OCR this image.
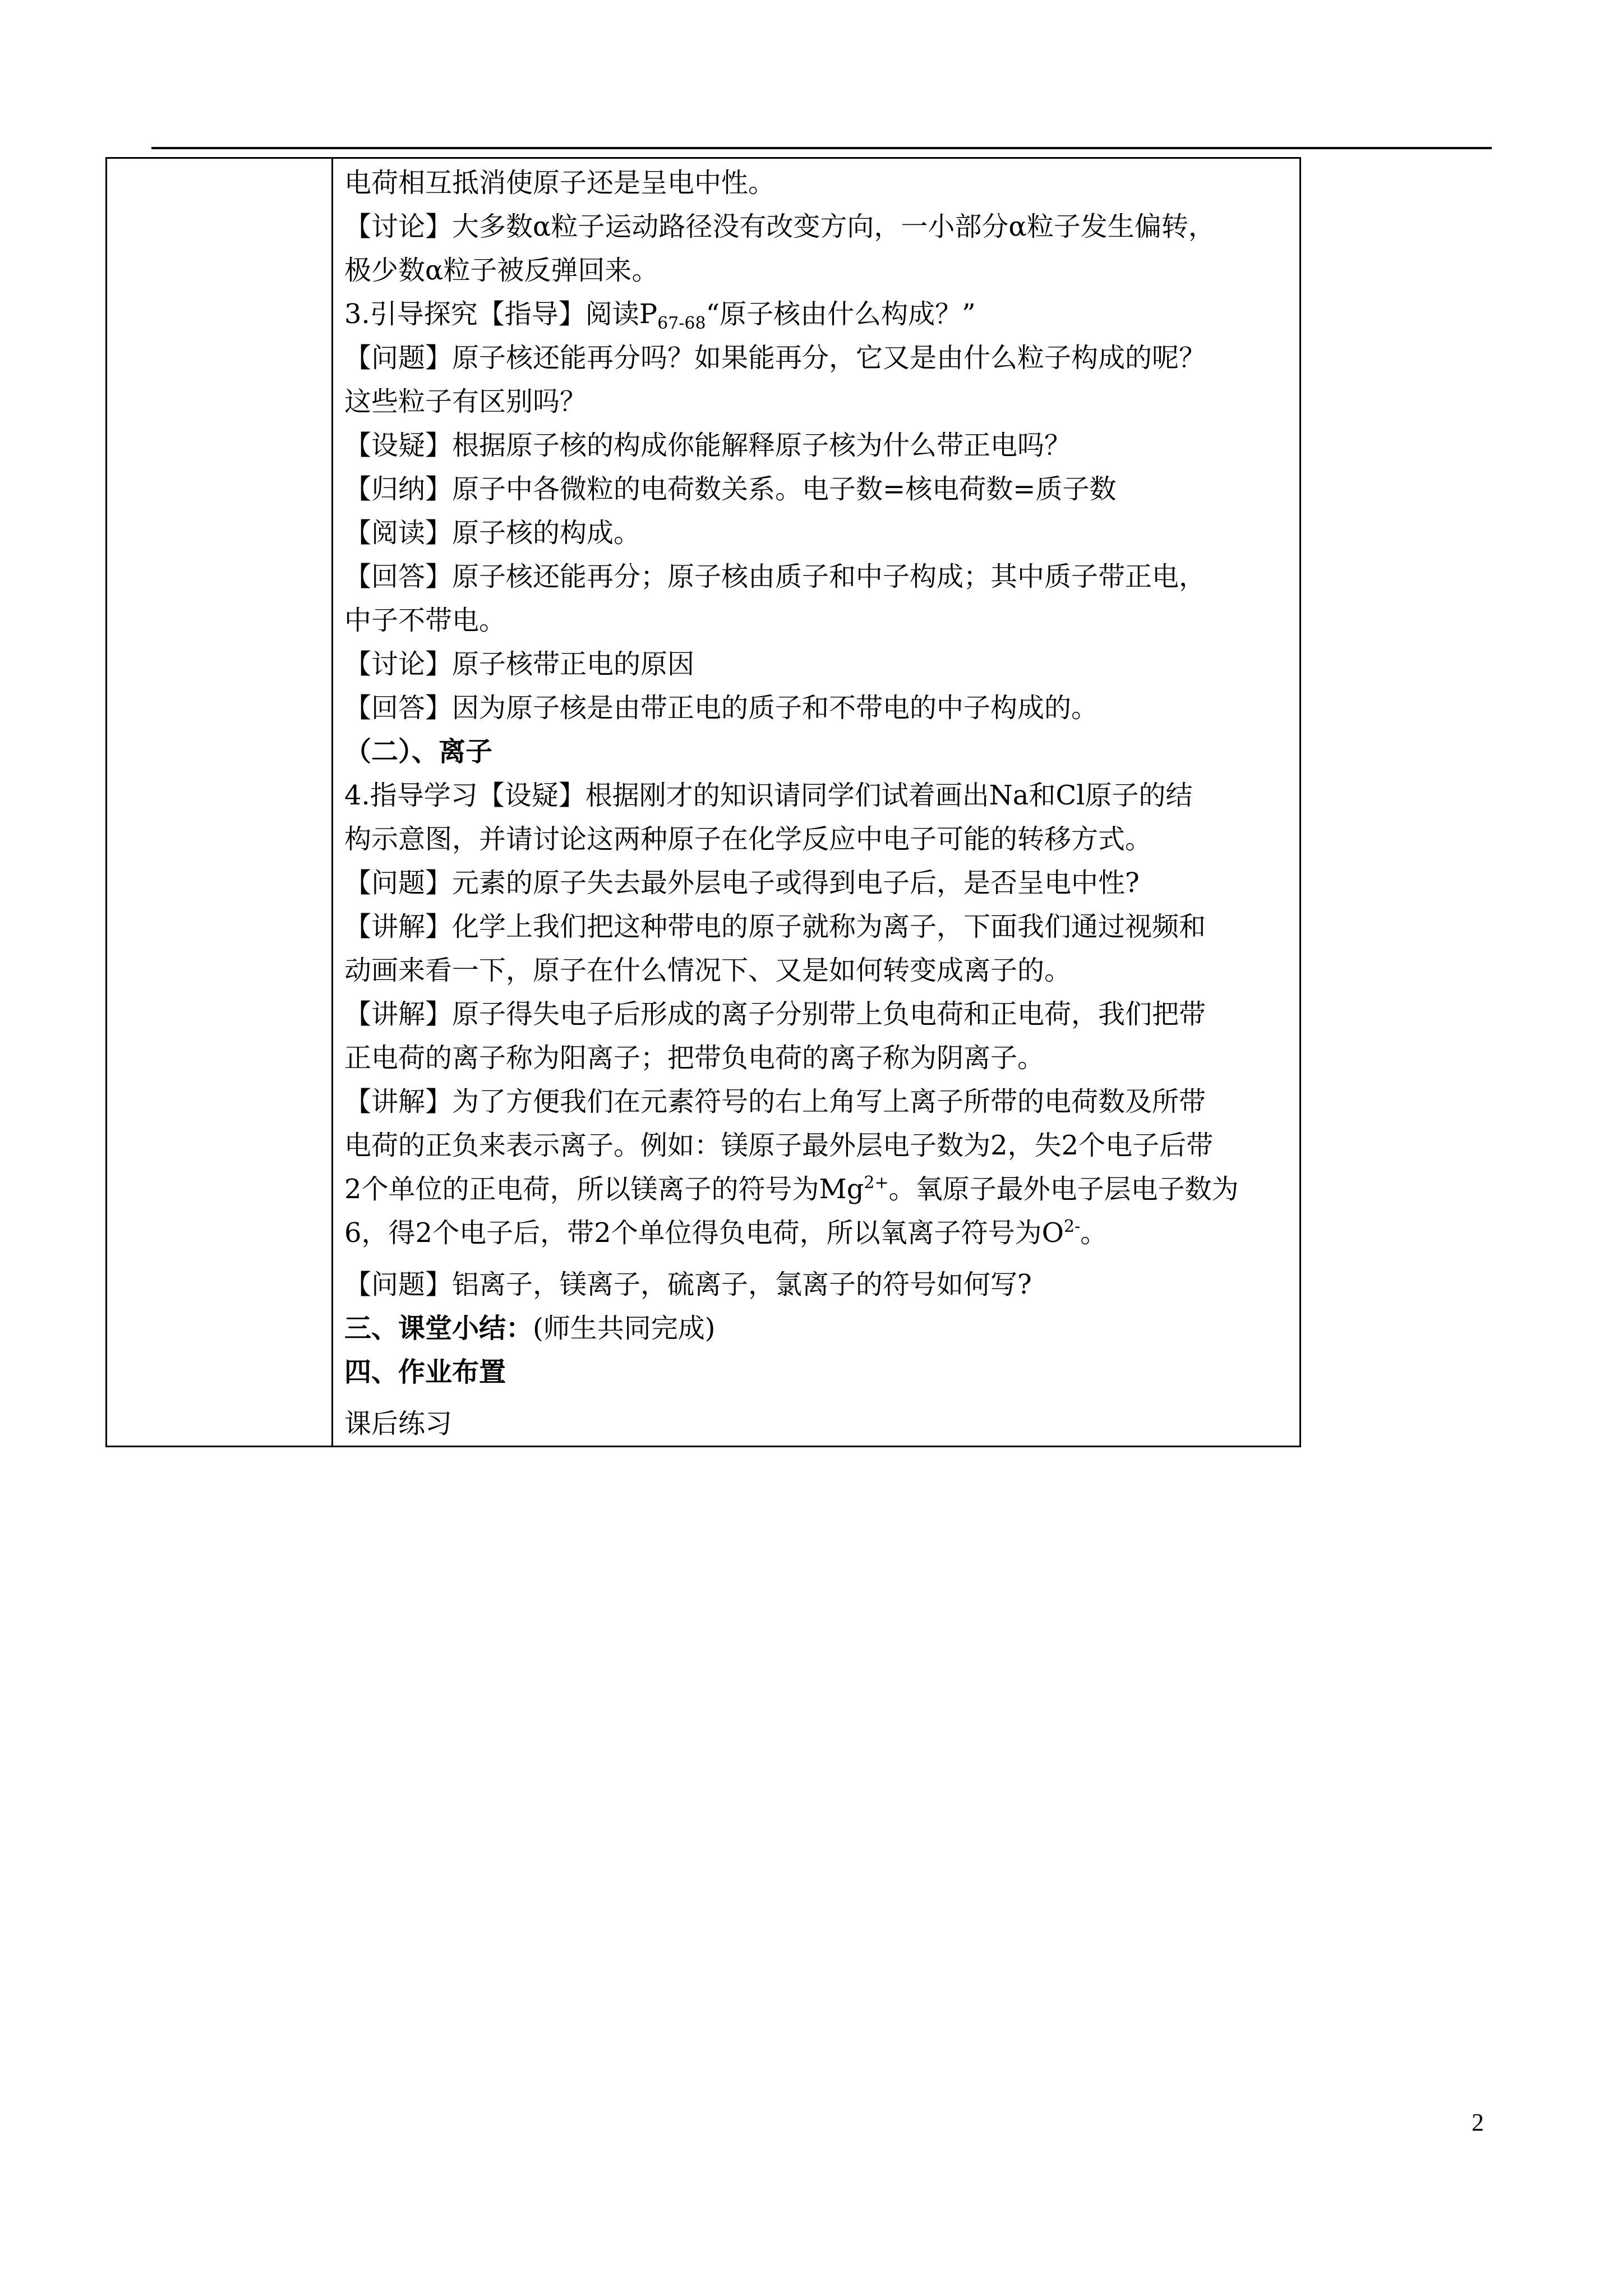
电荷相互抵消使原子还是呈电中性。
【讨论】大多数α粒子运动路径没有改变方向，一小部分α粒子发生偏转，
极少数α粒子被反弹回来。
3.引导探究【指导】阅读$P_{67-68}“$原子核由什么构成？”
【问题】原子核还能再分吗？如果能再分，它又是由什么粒子构成的呢？
这些粒子有区别吗？
【设疑】根据原子核的构成你能解释原子核为什么带正电吗？
【归纳】原子中各微粒的电荷数关系。电子数=核电荷数=质子数
【阅读】原子核的构成。
【回答】原子核还能再分；原子核由质子和中子构成；其中质子带正电，
中子不带电。
【讨论】原子核带正电的原因
【回答】因为原子核是由带正电的质子和不带电的中子构成的。
（二）、离子
4.指导学习【设疑】根据刚才的知识请同学们试着画出Na和Cl原子的结
构示意图，并请讨论这两种原子在化学反应中电子可能的转移方式。
【问题】元素的原子失去最外层电子或得到电子后，是否呈电中性?
【讲解】化学上我们把这种带电的原子就称为离子，下面我们通过视频和
动画来看一下，原子在什么情况下、又是如何转变成离子的。
【讲解】原子得失电子后形成的离子分别带上负电荷和正电荷，我们把带
正电荷的离子称为阳离子；把带负电荷的离子称为阴离子。
【讲解】为了方便我们在元素符号的右上角写上离子所带的电荷数及所带
电荷的正负来表示离子。例如：镁原子最外层电子数为2，失2个电子后带
2个单位的正电荷，所以镁离子的符号为$Mg^{2+}$。氧原子最外电子层电子数为
6，得2个电子后，带2个单位得负电荷，所以氧离子符号为$O^{2-}$。
【问题】铝离子，镁离子，硫离子，氯离子的符号如何写?
三、课堂小结：(师生共同完成)
四、作业布置
课后练习
2
